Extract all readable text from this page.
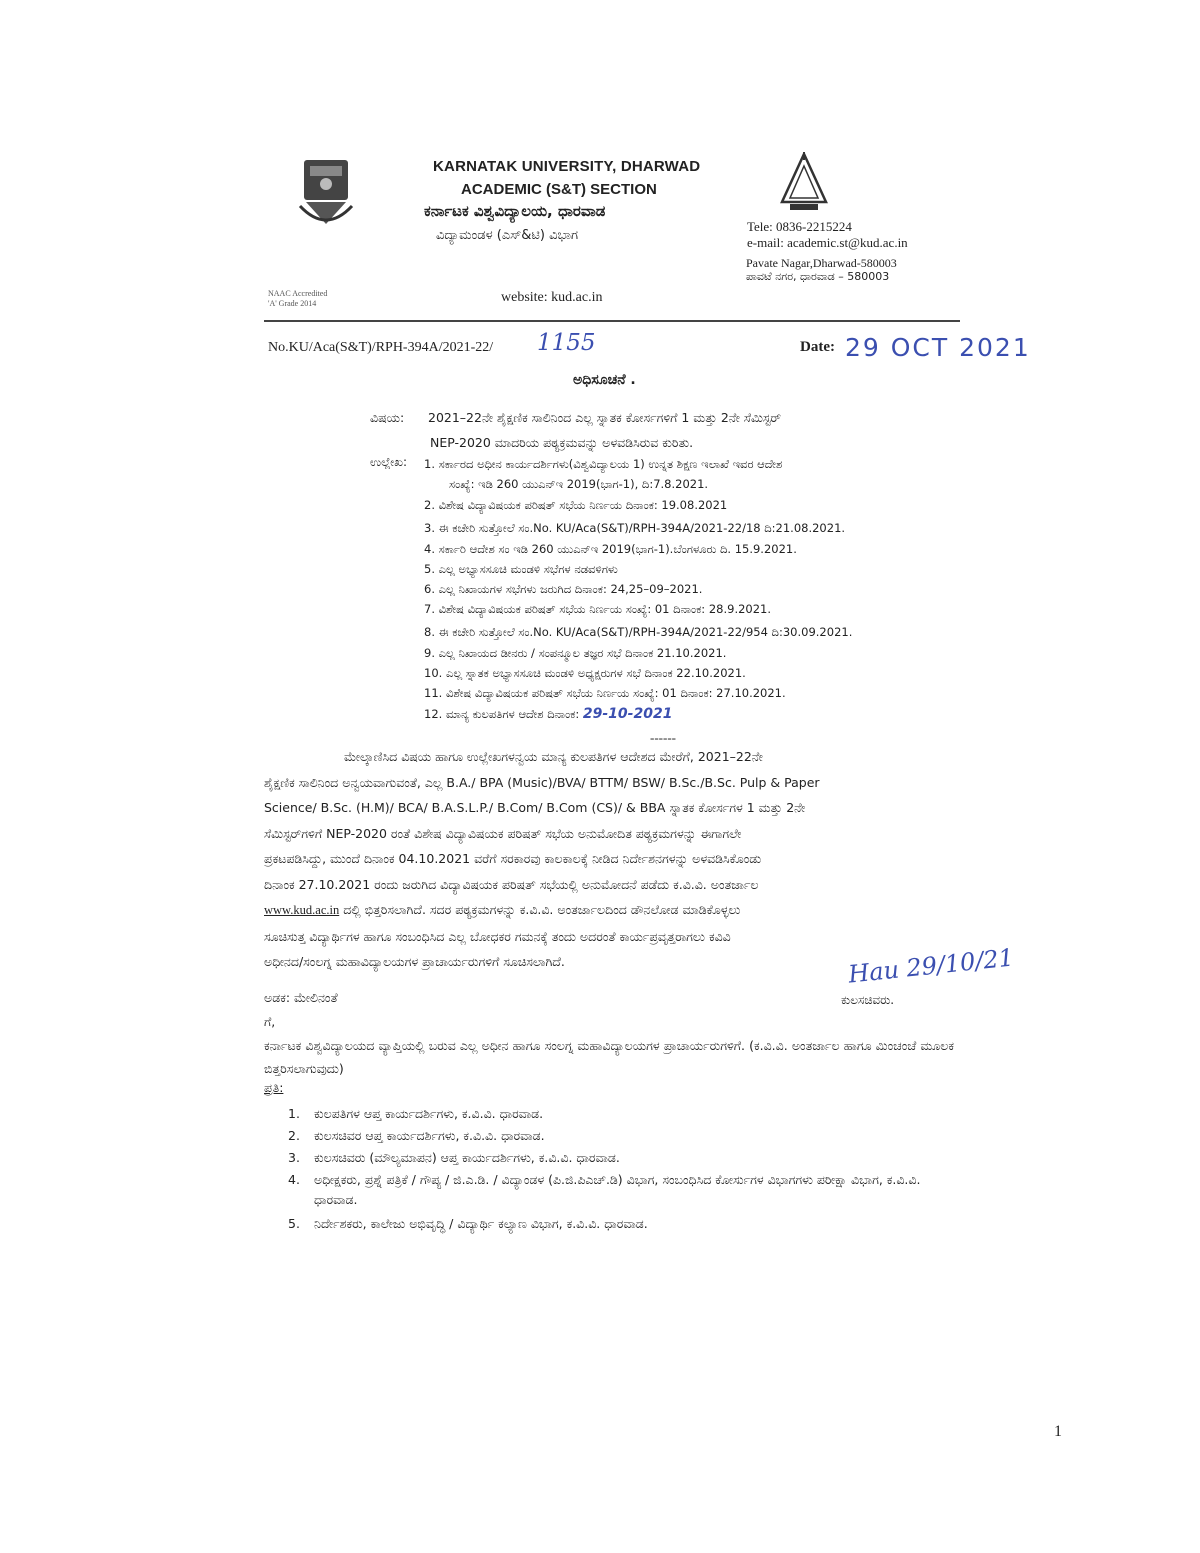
KARNATAK UNIVERSITY, DHARWAD
ACADEMIC (S&T) SECTION
ಕರ್ನಾಟಕ ವಿಶ್ವವಿದ್ಯಾಲಯ, ಧಾರವಾಡ
ವಿದ್ಯಾಮಂಡಳ (ಎಸ್&ಟಿ) ವಿಭಾಗ
Tele: 0836-2215224
e-mail: academic.st@kud.ac.in
Pavate Nagar,Dharwad-580003
ಪಾವಟೆ ನಗರ, ಧಾರವಾಡ – 580003
NAAC Accredited
'A' Grade 2014	website: kud.ac.in
No.KU/Aca(S&T)/RPH-394A/2021-22/ 1155	Date: 29 OCT 2021
ಅಧಿಸೂಚನೆ .
ವಿಷಯ: 2021–22ನೇ ಶೈಕ್ಷಣಿಕ ಸಾಲಿನಿಂದ ಎಲ್ಲ ಸ್ನಾತಕ ಕೋರ್ಸಗಳಿಗೆ 1 ಮತ್ತು 2ನೇ ಸೆಮಿಸ್ಟರ್
NEP-2020 ಮಾದರಿಯ ಪಠ್ಯಕ್ರಮವನ್ನು ಅಳವಡಿಸಿರುವ ಕುರಿತು.
ಉಲ್ಲೇಖ: 1. ಸರ್ಕಾರದ ಅಧೀನ ಕಾರ್ಯದರ್ಶಿಗಳು(ವಿಶ್ವವಿದ್ಯಾಲಯ 1) ಉನ್ನತ ಶಿಕ್ಷಣ ಇಲಾಖೆ ಇವರ ಆದೇಶ
ಸಂಖ್ಯೆ: ಇಡಿ 260 ಯುಎನ್‌ಇ 2019(ಭಾಗ-1), ದಿ:7.8.2021.
2. ವಿಶೇಷ ವಿದ್ಯಾವಿಷಯಕ ಪರಿಷತ್ ಸಭೆಯ ನಿರ್ಣಯ ದಿನಾಂಕ: 19.08.2021
3. ಈ ಕಚೇರಿ ಸುತ್ತೋಲೆ ಸಂ.No. KU/Aca(S&T)/RPH-394A/2021-22/18 ದಿ:21.08.2021.
4. ಸರ್ಕಾರಿ ಆದೇಶ ಸಂ ಇಡಿ 260 ಯುಎನ್‌ಇ 2019(ಭಾಗ-1).ಬೆಂಗಳೂರು ದಿ. 15.9.2021.
5. ಎಲ್ಲ ಅಭ್ಯಾಸಸೂಚಿ ಮಂಡಳಿ ಸಭೆಗಳ ನಡವಳಿಗಳು
6. ಎಲ್ಲ ನಿಖಾಯಗಳ ಸಭೆಗಳು ಜರುಗಿದ ದಿನಾಂಕ: 24,25–09–2021.
7. ವಿಶೇಷ ವಿದ್ಯಾವಿಷಯಕ ಪರಿಷತ್ ಸಭೆಯ ನಿರ್ಣಯ ಸಂಖ್ಯೆ: 01 ದಿನಾಂಕ: 28.9.2021.
8. ಈ ಕಚೇರಿ ಸುತ್ತೋಲೆ ಸಂ.No. KU/Aca(S&T)/RPH-394A/2021-22/954 ದಿ:30.09.2021.
9. ಎಲ್ಲ ನಿಖಾಯದ ಡೀನರು / ಸಂಪನ್ಮೂಲ ತಜ್ಞರ ಸಭೆ ದಿನಾಂಕ 21.10.2021.
10. ಎಲ್ಲ ಸ್ನಾತಕ ಅಭ್ಯಾಸಸೂಚಿ ಮಂಡಳಿ ಅಧ್ಯಕ್ಷರುಗಳ ಸಭೆ ದಿನಾಂಕ 22.10.2021.
11. ವಿಶೇಷ ವಿದ್ಯಾವಿಷಯಕ ಪರಿಷತ್ ಸಭೆಯ ನಿರ್ಣಯ ಸಂಖ್ಯೆ: 01 ದಿನಾಂಕ: 27.10.2021.
12. ಮಾನ್ಯ ಕುಲಪತಿಗಳ ಆದೇಶ ದಿನಾಂಕ: 29-10-2021
------

ಮೇಲ್ಕಾಣಿಸಿದ ವಿಷಯ ಹಾಗೂ ಉಲ್ಲೇಖಗಳನ್ವಯ ಮಾನ್ಯ ಕುಲಪತಿಗಳ ಆದೇಶದ ಮೇರೆಗೆ, 2021–22ನೇ

ಶೈಕ್ಷಣಿಕ ಸಾಲಿನಿಂದ ಅನ್ವಯವಾಗುವಂತೆ, ಎಲ್ಲ B.A./ BPA (Music)/BVA/ BTTM/ BSW/ B.Sc./B.Sc. Pulp & Paper

Science/ B.Sc. (H.M)/ BCA/ B.A.S.L.P./ B.Com/ B.Com (CS)/ & BBA ಸ್ನಾತಕ ಕೋರ್ಸಗಳ 1 ಮತ್ತು 2ನೇ

ಸೆಮಿಸ್ಟರ್‌ಗಳಿಗೆ NEP-2020 ರಂತೆ ವಿಶೇಷ ವಿದ್ಯಾವಿಷಯಕ ಪರಿಷತ್ ಸಭೆಯ ಅನುಮೋದಿತ ಪಠ್ಯಕ್ರಮಗಳನ್ನು ಈಗಾಗಲೇ

ಪ್ರಕಟಪಡಿಸಿದ್ದು, ಮುಂದೆ ದಿನಾಂಕ 04.10.2021 ವರೆಗೆ ಸರಕಾರವು ಕಾಲಕಾಲಕ್ಕೆ ನೀಡಿದ ನಿರ್ದೇಶನಗಳನ್ನು ಅಳವಡಿಸಿಕೊಂಡು

ದಿನಾಂಕ 27.10.2021 ರಂದು ಜರುಗಿದ ವಿದ್ಯಾವಿಷಯಕ ಪರಿಷತ್ ಸಭೆಯಲ್ಲಿ ಅನುಮೋದನೆ ಪಡೆದು ಕ.ವಿ.ವಿ. ಅಂತರ್ಜಾಲ

www.kud.ac.in ದಲ್ಲಿ ಭಿತ್ತರಿಸಲಾಗಿದೆ. ಸದರ ಪಠ್ಯಕ್ರಮಗಳನ್ನು ಕ.ವಿ.ವಿ. ಅಂತರ್ಜಾಲದಿಂದ ಡೌನಲೋಡ ಮಾಡಿಕೊಳ್ಳಲು

ಸೂಚಿಸುತ್ತ ವಿದ್ಯಾರ್ಥಿಗಳ ಹಾಗೂ ಸಂಬಂಧಿಸಿದ ಎಲ್ಲ ಬೋಧಕರ ಗಮನಕ್ಕೆ ತಂದು ಅದರಂತೆ ಕಾರ್ಯಪ್ರವೃತ್ತರಾಗಲು ಕವಿವಿ

ಅಧೀನದ/ಸಂಲಗ್ನ ಮಹಾವಿದ್ಯಾಲಯಗಳ ಪ್ರಾಚಾರ್ಯರುಗಳಿಗೆ ಸೂಚಿಸಲಾಗಿದೆ.	Hau 29/10/21
ಕುಲಸಚಿವರು.
ಅಡಕ: ಮೇಲಿನಂತೆ
ಗೆ,
ಕರ್ನಾಟಕ ವಿಶ್ವವಿದ್ಯಾಲಯದ ವ್ಯಾಪ್ತಿಯಲ್ಲಿ ಬರುವ ಎಲ್ಲ ಅಧೀನ ಹಾಗೂ ಸಂಲಗ್ನ ಮಹಾವಿದ್ಯಾಲಯಗಳ ಪ್ರಾಚಾರ್ಯರುಗಳಿಗೆ. (ಕ.ವಿ.ವಿ. ಅಂತರ್ಜಾಲ ಹಾಗೂ ಮಿಂಚಂಚೆ ಮೂಲಕ ಬಿತ್ತರಿಸಲಾಗುವುದು)
ಪ್ರತಿ:
1. ಕುಲಪತಿಗಳ ಆಪ್ತ ಕಾರ್ಯದರ್ಶಿಗಳು, ಕ.ವಿ.ವಿ. ಧಾರವಾಡ.
2. ಕುಲಸಚಿವರ ಆಪ್ತ ಕಾರ್ಯದರ್ಶಿಗಳು, ಕ.ವಿ.ವಿ. ಧಾರವಾಡ.
3. ಕುಲಸಚಿವರು (ಮೌಲ್ಯಮಾಪನ) ಆಪ್ತ ಕಾರ್ಯದರ್ಶಿಗಳು, ಕ.ವಿ.ವಿ. ಧಾರವಾಡ.
4. ಅಧೀಕ್ಷಕರು, ಪ್ರಶ್ನೆ ಪತ್ರಿಕೆ / ಗೌಪ್ಯ / ಜಿ.ಎ.ಡಿ. / ವಿದ್ಯಾಂಡಳ (ಪಿ.ಜಿ.ಪಿಎಚ್.ಡಿ) ವಿಭಾಗ, ಸಂಬಂಧಿಸಿದ ಕೋರ್ಸುಗಳ ವಿಭಾಗಗಳು ಪರೀಕ್ಷಾ ವಿಭಾಗ, ಕ.ವಿ.ವಿ. ಧಾರವಾಡ.
5. ನಿರ್ದೇಶಕರು, ಕಾಲೇಜು ಅಭಿವೃದ್ಧಿ / ವಿದ್ಯಾರ್ಥಿ ಕಲ್ಯಾಣ ವಿಭಾಗ, ಕ.ವಿ.ವಿ. ಧಾರವಾಡ.
1
